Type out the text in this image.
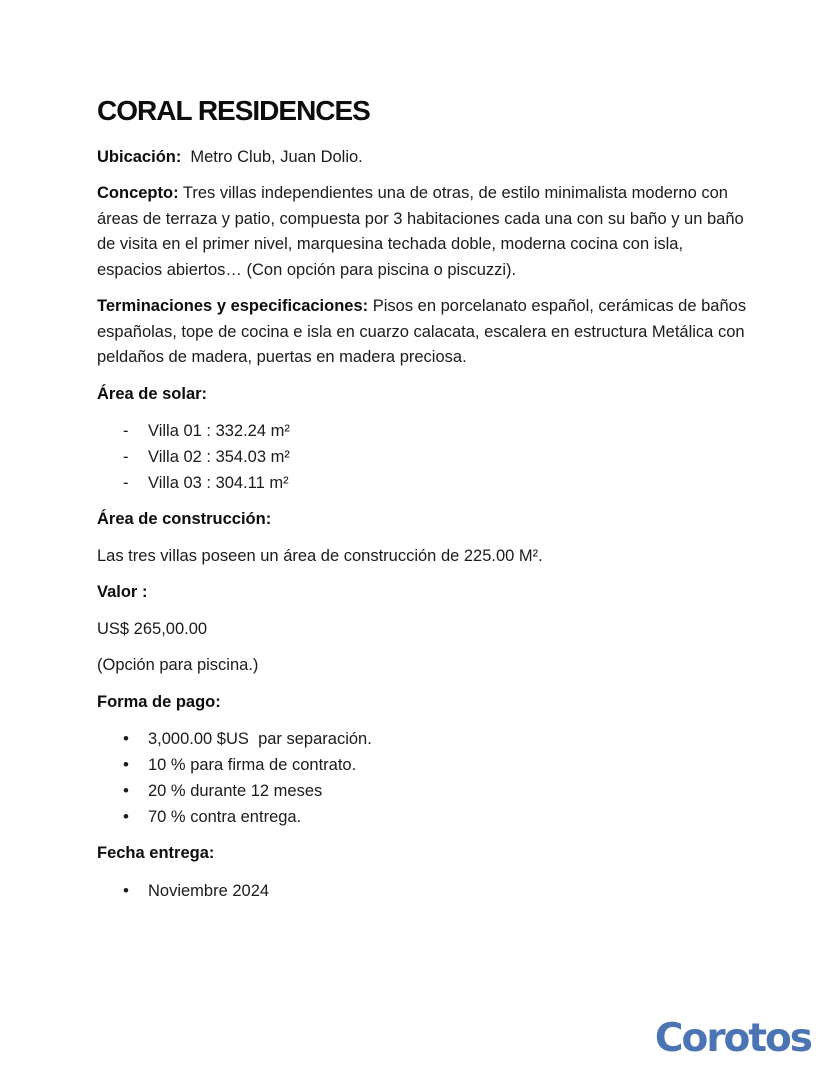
CORAL RESIDENCES

Ubicación: Metro Club, Juan Dolio.

Concepto: Tres villas independientes una de otras, de estilo minimalista moderno con áreas de terraza y patio, compuesta por 3 habitaciones cada una con su baño y un baño de visita en el primer nivel, marquesina techada doble, moderna cocina con isla, espacios abiertos… (Con opción para piscina o piscuzzi).

Terminaciones y especificaciones: Pisos en porcelanato español, cerámicas de baños españolas, tope de cocina e isla en cuarzo calacata, escalera en estructura Metálica con peldaños de madera, puertas en madera preciosa.

Área de solar:

- Villa 01 : 332.24 m²
- Villa 02 : 354.03 m²
- Villa 03 : 304.11 m²

Área de construcción:

Las tres villas poseen un área de construcción de 225.00 M².

Valor :

US$ 265,00.00

(Opción para piscina.)

Forma de pago:

• 3,000.00 $US  par separación.
• 10 % para firma de contrato.
• 20 % durante 12 meses
• 70 % contra entrega.

Fecha entrega:

• Noviembre 2024
Corotos
